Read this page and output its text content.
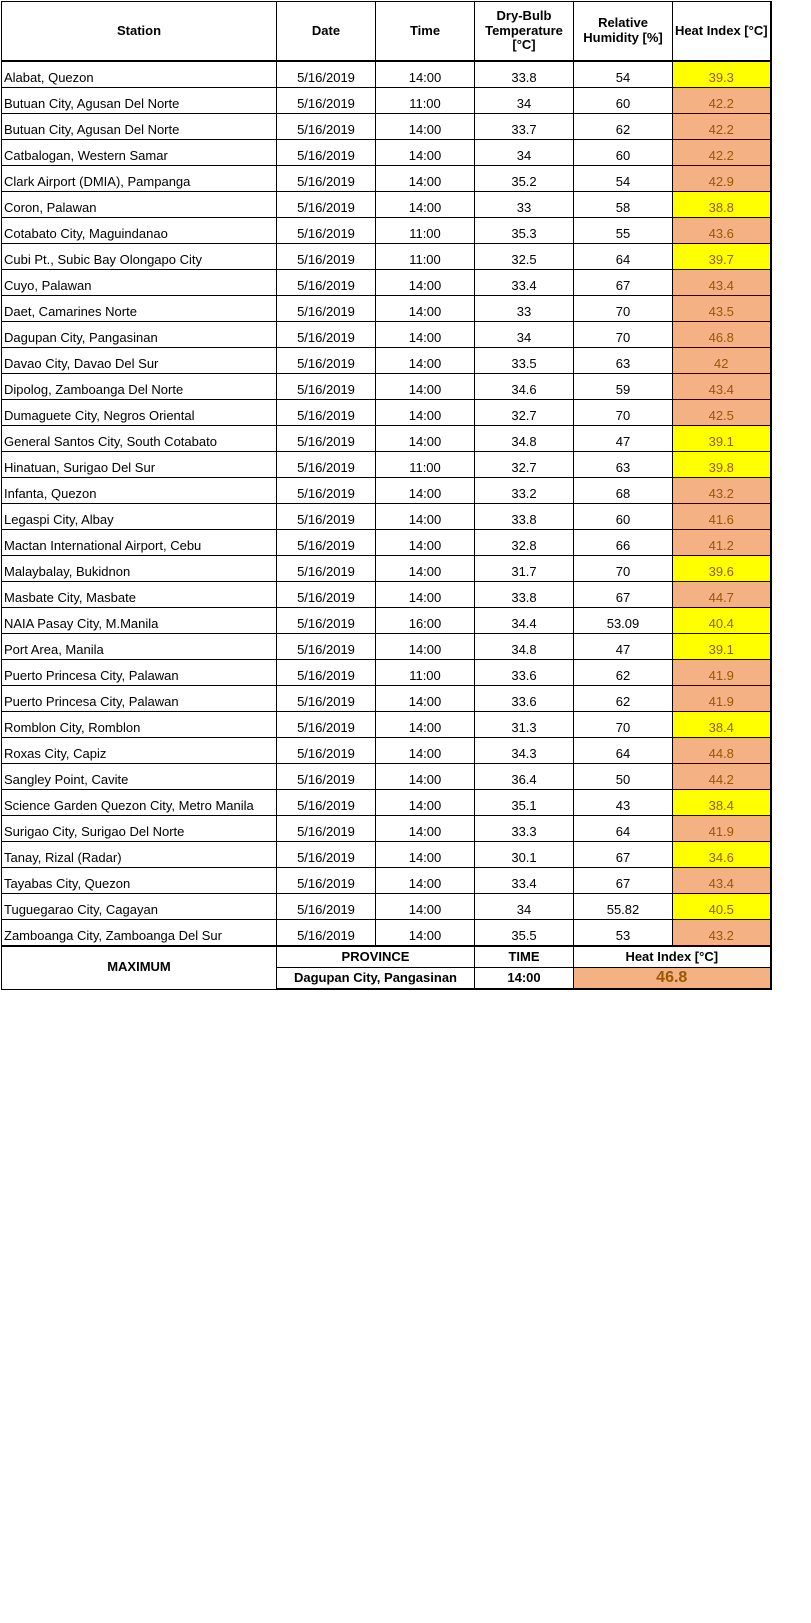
Station	Date	Time	Dry-Bulb Temperature [°C]	Relative Humidity [%]	Heat Index [°C]
Alabat, Quezon	5/16/2019	14:00	33.8	54	39.3
Butuan City, Agusan Del Norte	5/16/2019	11:00	34	60	42.2
Butuan City, Agusan Del Norte	5/16/2019	14:00	33.7	62	42.2
Catbalogan, Western Samar	5/16/2019	14:00	34	60	42.2
Clark Airport (DMIA), Pampanga	5/16/2019	14:00	35.2	54	42.9
Coron, Palawan	5/16/2019	14:00	33	58	38.8
Cotabato City, Maguindanao	5/16/2019	11:00	35.3	55	43.6
Cubi Pt., Subic Bay Olongapo City	5/16/2019	11:00	32.5	64	39.7
Cuyo, Palawan	5/16/2019	14:00	33.4	67	43.4
Daet, Camarines Norte	5/16/2019	14:00	33	70	43.5
Dagupan City, Pangasinan	5/16/2019	14:00	34	70	46.8
Davao City, Davao Del Sur	5/16/2019	14:00	33.5	63	42
Dipolog, Zamboanga Del Norte	5/16/2019	14:00	34.6	59	43.4
Dumaguete City, Negros Oriental	5/16/2019	14:00	32.7	70	42.5
General Santos City, South Cotabato	5/16/2019	14:00	34.8	47	39.1
Hinatuan, Surigao Del Sur	5/16/2019	11:00	32.7	63	39.8
Infanta, Quezon	5/16/2019	14:00	33.2	68	43.2
Legaspi City, Albay	5/16/2019	14:00	33.8	60	41.6
Mactan International Airport, Cebu	5/16/2019	14:00	32.8	66	41.2
Malaybalay, Bukidnon	5/16/2019	14:00	31.7	70	39.6
Masbate City, Masbate	5/16/2019	14:00	33.8	67	44.7
NAIA Pasay City, M.Manila	5/16/2019	16:00	34.4	53.09	40.4
Port Area, Manila	5/16/2019	14:00	34.8	47	39.1
Puerto Princesa City, Palawan	5/16/2019	11:00	33.6	62	41.9
Puerto Princesa City, Palawan	5/16/2019	14:00	33.6	62	41.9
Romblon City, Romblon	5/16/2019	14:00	31.3	70	38.4
Roxas City, Capiz	5/16/2019	14:00	34.3	64	44.8
Sangley Point, Cavite	5/16/2019	14:00	36.4	50	44.2
Science Garden Quezon City, Metro Manila	5/16/2019	14:00	35.1	43	38.4
Surigao City, Surigao Del Norte	5/16/2019	14:00	33.3	64	41.9
Tanay, Rizal (Radar)	5/16/2019	14:00	30.1	67	34.6
Tayabas City, Quezon	5/16/2019	14:00	33.4	67	43.4
Tuguegarao City, Cagayan	5/16/2019	14:00	34	55.82	40.5
Zamboanga City, Zamboanga Del Sur	5/16/2019	14:00	35.5	53	43.2
MAXIMUM	PROVINCE		TIME	Heat Index [°C]	
	Dagupan City, Pangasinan		14:00	46.8	
